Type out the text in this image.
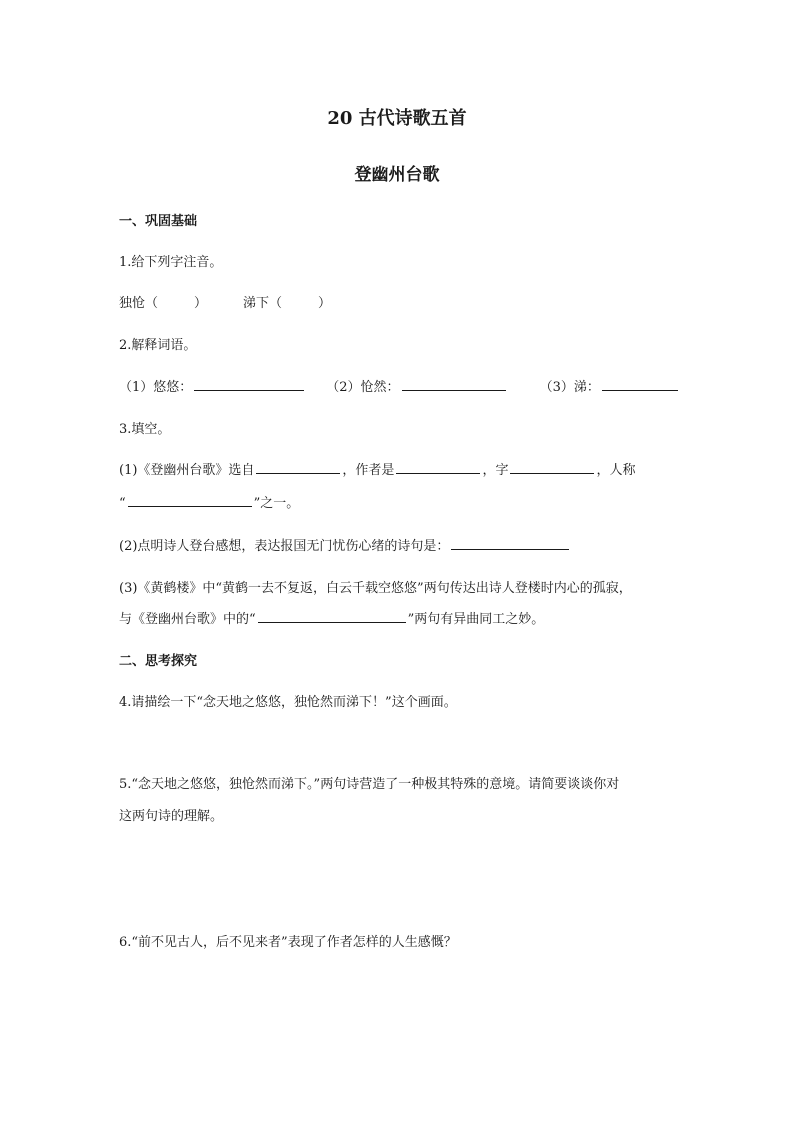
20 古代诗歌五首
登幽州台歌
一、巩固基础
1.给下列字注音。
独怆（	）	涕下（	）
2.解释词语。
（1）悠悠：	（2）怆然：	（3）涕：
3.填空。
(1)《登幽州台歌》选自	，作者是	，字	，人称
“	”之一。
(2)点明诗人登台感想，表达报国无门忧伤心绪的诗句是：
(3)《黄鹤楼》中“黄鹤一去不复返，白云千载空悠悠”两句传达出诗人登楼时内心的孤寂，
与《登幽州台歌》中的“	”两句有异曲同工之妙。
二、思考探究
4.请描绘一下“念天地之悠悠，独怆然而涕下！”这个画面。
5.“念天地之悠悠，独怆然而涕下。”两句诗营造了一种极其特殊的意境。请简要谈谈你对
这两句诗的理解。
6.“前不见古人，后不见来者”表现了作者怎样的人生感慨？
